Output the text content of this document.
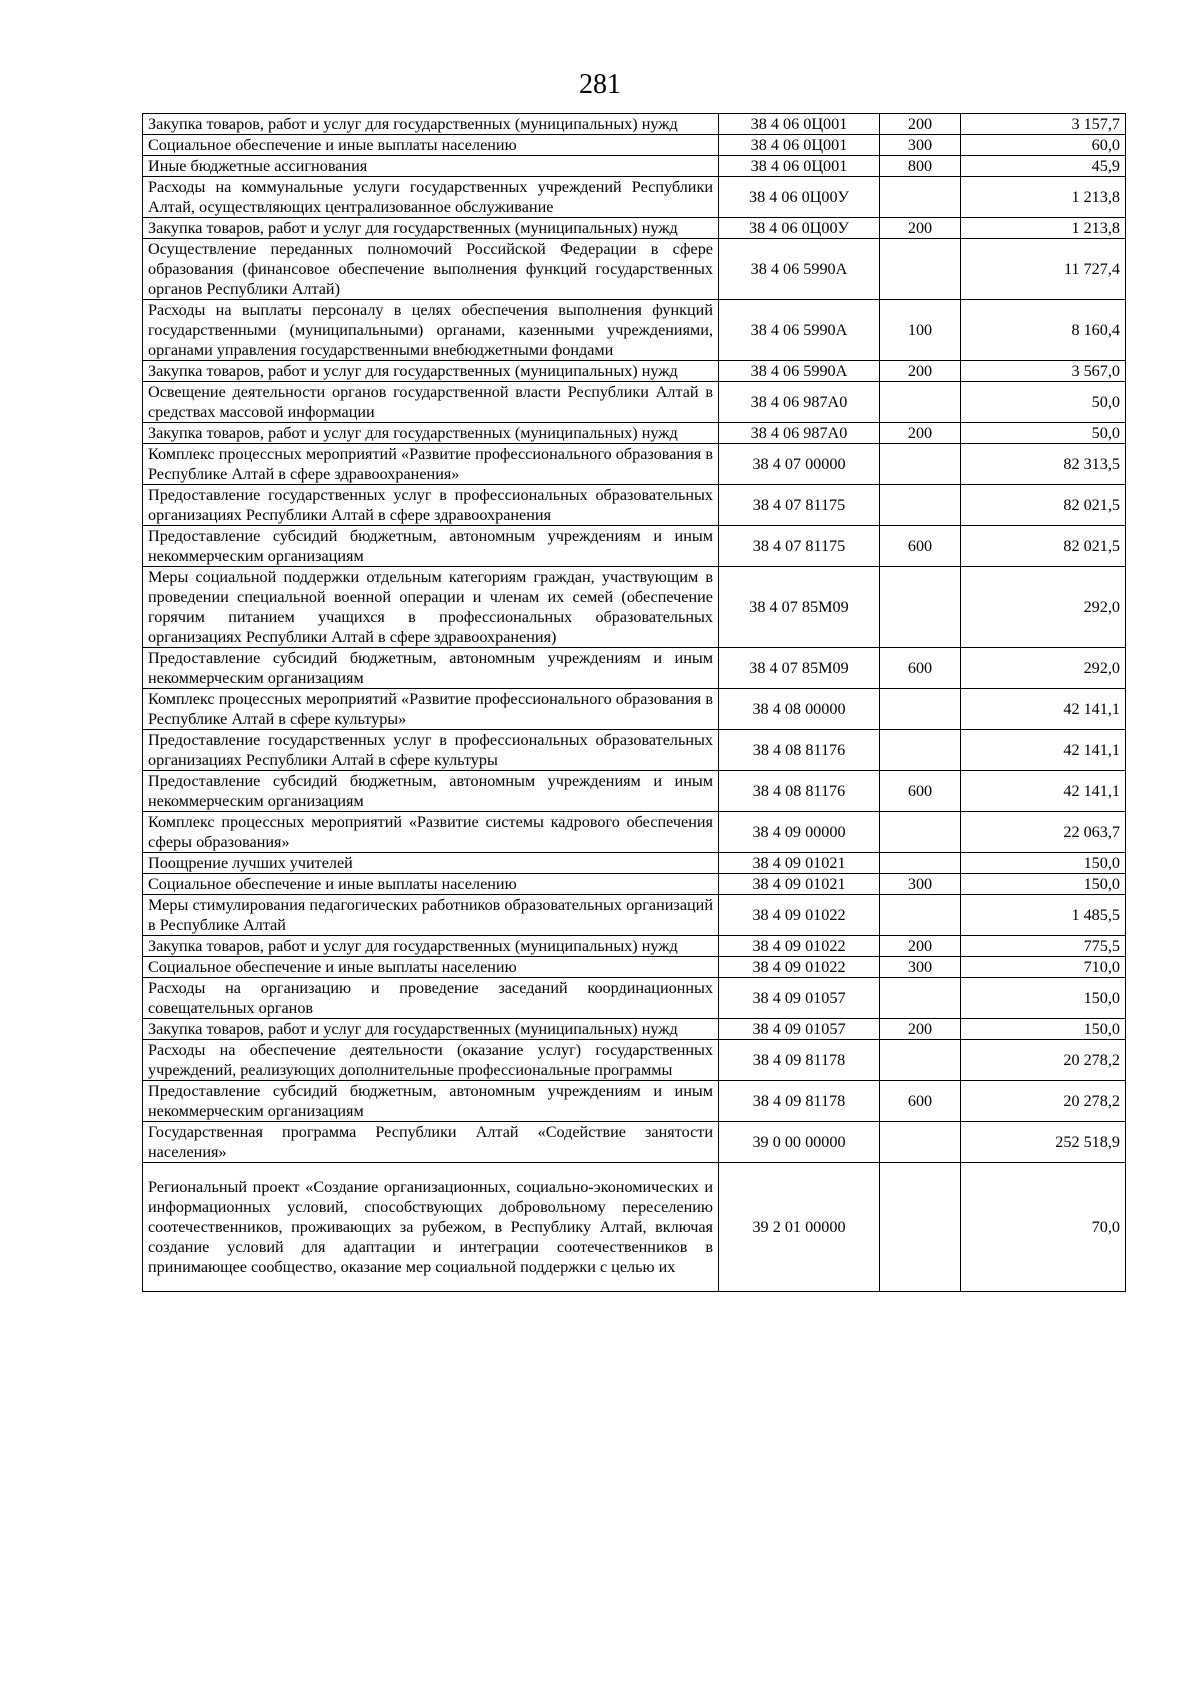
281
Закупка товаров, работ и услуг для государственных (муниципальных) нужд	38 4 06 0Ц001	200	3 157,7
Социальное обеспечение и иные выплаты населению	38 4 06 0Ц001	300	60,0
Иные бюджетные ассигнования	38 4 06 0Ц001	800	45,9
Расходы на коммунальные услуги государственных учреждений Республики Алтай, осуществляющих централизованное обслуживание	38 4 06 0Ц00У		1 213,8
Закупка товаров, работ и услуг для государственных (муниципальных) нужд	38 4 06 0Ц00У	200	1 213,8
Осуществление переданных полномочий Российской Федерации в сфере образования (финансовое обеспечение выполнения функций государственных органов Республики Алтай)	38 4 06 5990А		11 727,4
Расходы на выплаты персоналу в целях обеспечения выполнения функций государственными (муниципальными) органами, казенными учреждениями, органами управления государственными внебюджетными фондами	38 4 06 5990А	100	8 160,4
Закупка товаров, работ и услуг для государственных (муниципальных) нужд	38 4 06 5990А	200	3 567,0
Освещение деятельности органов государственной власти Республики Алтай в средствах массовой информации	38 4 06 987А0		50,0
Закупка товаров, работ и услуг для государственных (муниципальных) нужд	38 4 06 987А0	200	50,0
Комплекс процессных мероприятий «Развитие профессионального образования в Республике Алтай в сфере здравоохранения»	38 4 07 00000		82 313,5
Предоставление государственных услуг в профессиональных образовательных организациях Республики Алтай в сфере здравоохранения	38 4 07 81175		82 021,5
Предоставление субсидий бюджетным, автономным учреждениям и иным некоммерческим организациям	38 4 07 81175	600	82 021,5
Меры социальной поддержки отдельным категориям граждан, участвующим в проведении специальной военной операции и членам их семей (обеспечение горячим питанием учащихся в профессиональных образовательных организациях Республики Алтай в сфере здравоохранения)	38 4 07 85М09		292,0
Предоставление субсидий бюджетным, автономным учреждениям и иным некоммерческим организациям	38 4 07 85М09	600	292,0
Комплекс процессных мероприятий «Развитие профессионального образования в Республике Алтай в сфере культуры»	38 4 08 00000		42 141,1
Предоставление государственных услуг в профессиональных образовательных организациях Республики Алтай в сфере культуры	38 4 08 81176		42 141,1
Предоставление субсидий бюджетным, автономным учреждениям и иным некоммерческим организациям	38 4 08 81176	600	42 141,1
Комплекс процессных мероприятий «Развитие системы кадрового обеспечения сферы образования»	38 4 09 00000		22 063,7
Поощрение лучших учителей	38 4 09 01021		150,0
Социальное обеспечение и иные выплаты населению	38 4 09 01021	300	150,0
Меры стимулирования педагогических работников образовательных организаций в Республике Алтай	38 4 09 01022		1 485,5
Закупка товаров, работ и услуг для государственных (муниципальных) нужд	38 4 09 01022	200	775,5
Социальное обеспечение и иные выплаты населению	38 4 09 01022	300	710,0
Расходы на организацию и проведение заседаний координационных совещательных органов	38 4 09 01057		150,0
Закупка товаров, работ и услуг для государственных (муниципальных) нужд	38 4 09 01057	200	150,0
Расходы на обеспечение деятельности (оказание услуг) государственных учреждений, реализующих дополнительные профессиональные программы	38 4 09 81178		20 278,2
Предоставление субсидий бюджетным, автономным учреждениям и иным некоммерческим организациям	38 4 09 81178	600	20 278,2
Государственная программа Республики Алтай «Содействие занятости населения»	39 0 00 00000		252 518,9
Региональный проект «Создание организационных, социально-экономических и информационных условий, способствующих добровольному переселению соотечественников, проживающих за рубежом, в Республику Алтай, включая создание условий для адаптации и интеграции соотечественников в принимающее сообщество, оказание мер социальной поддержки с целью их	39 2 01 00000		70,0
